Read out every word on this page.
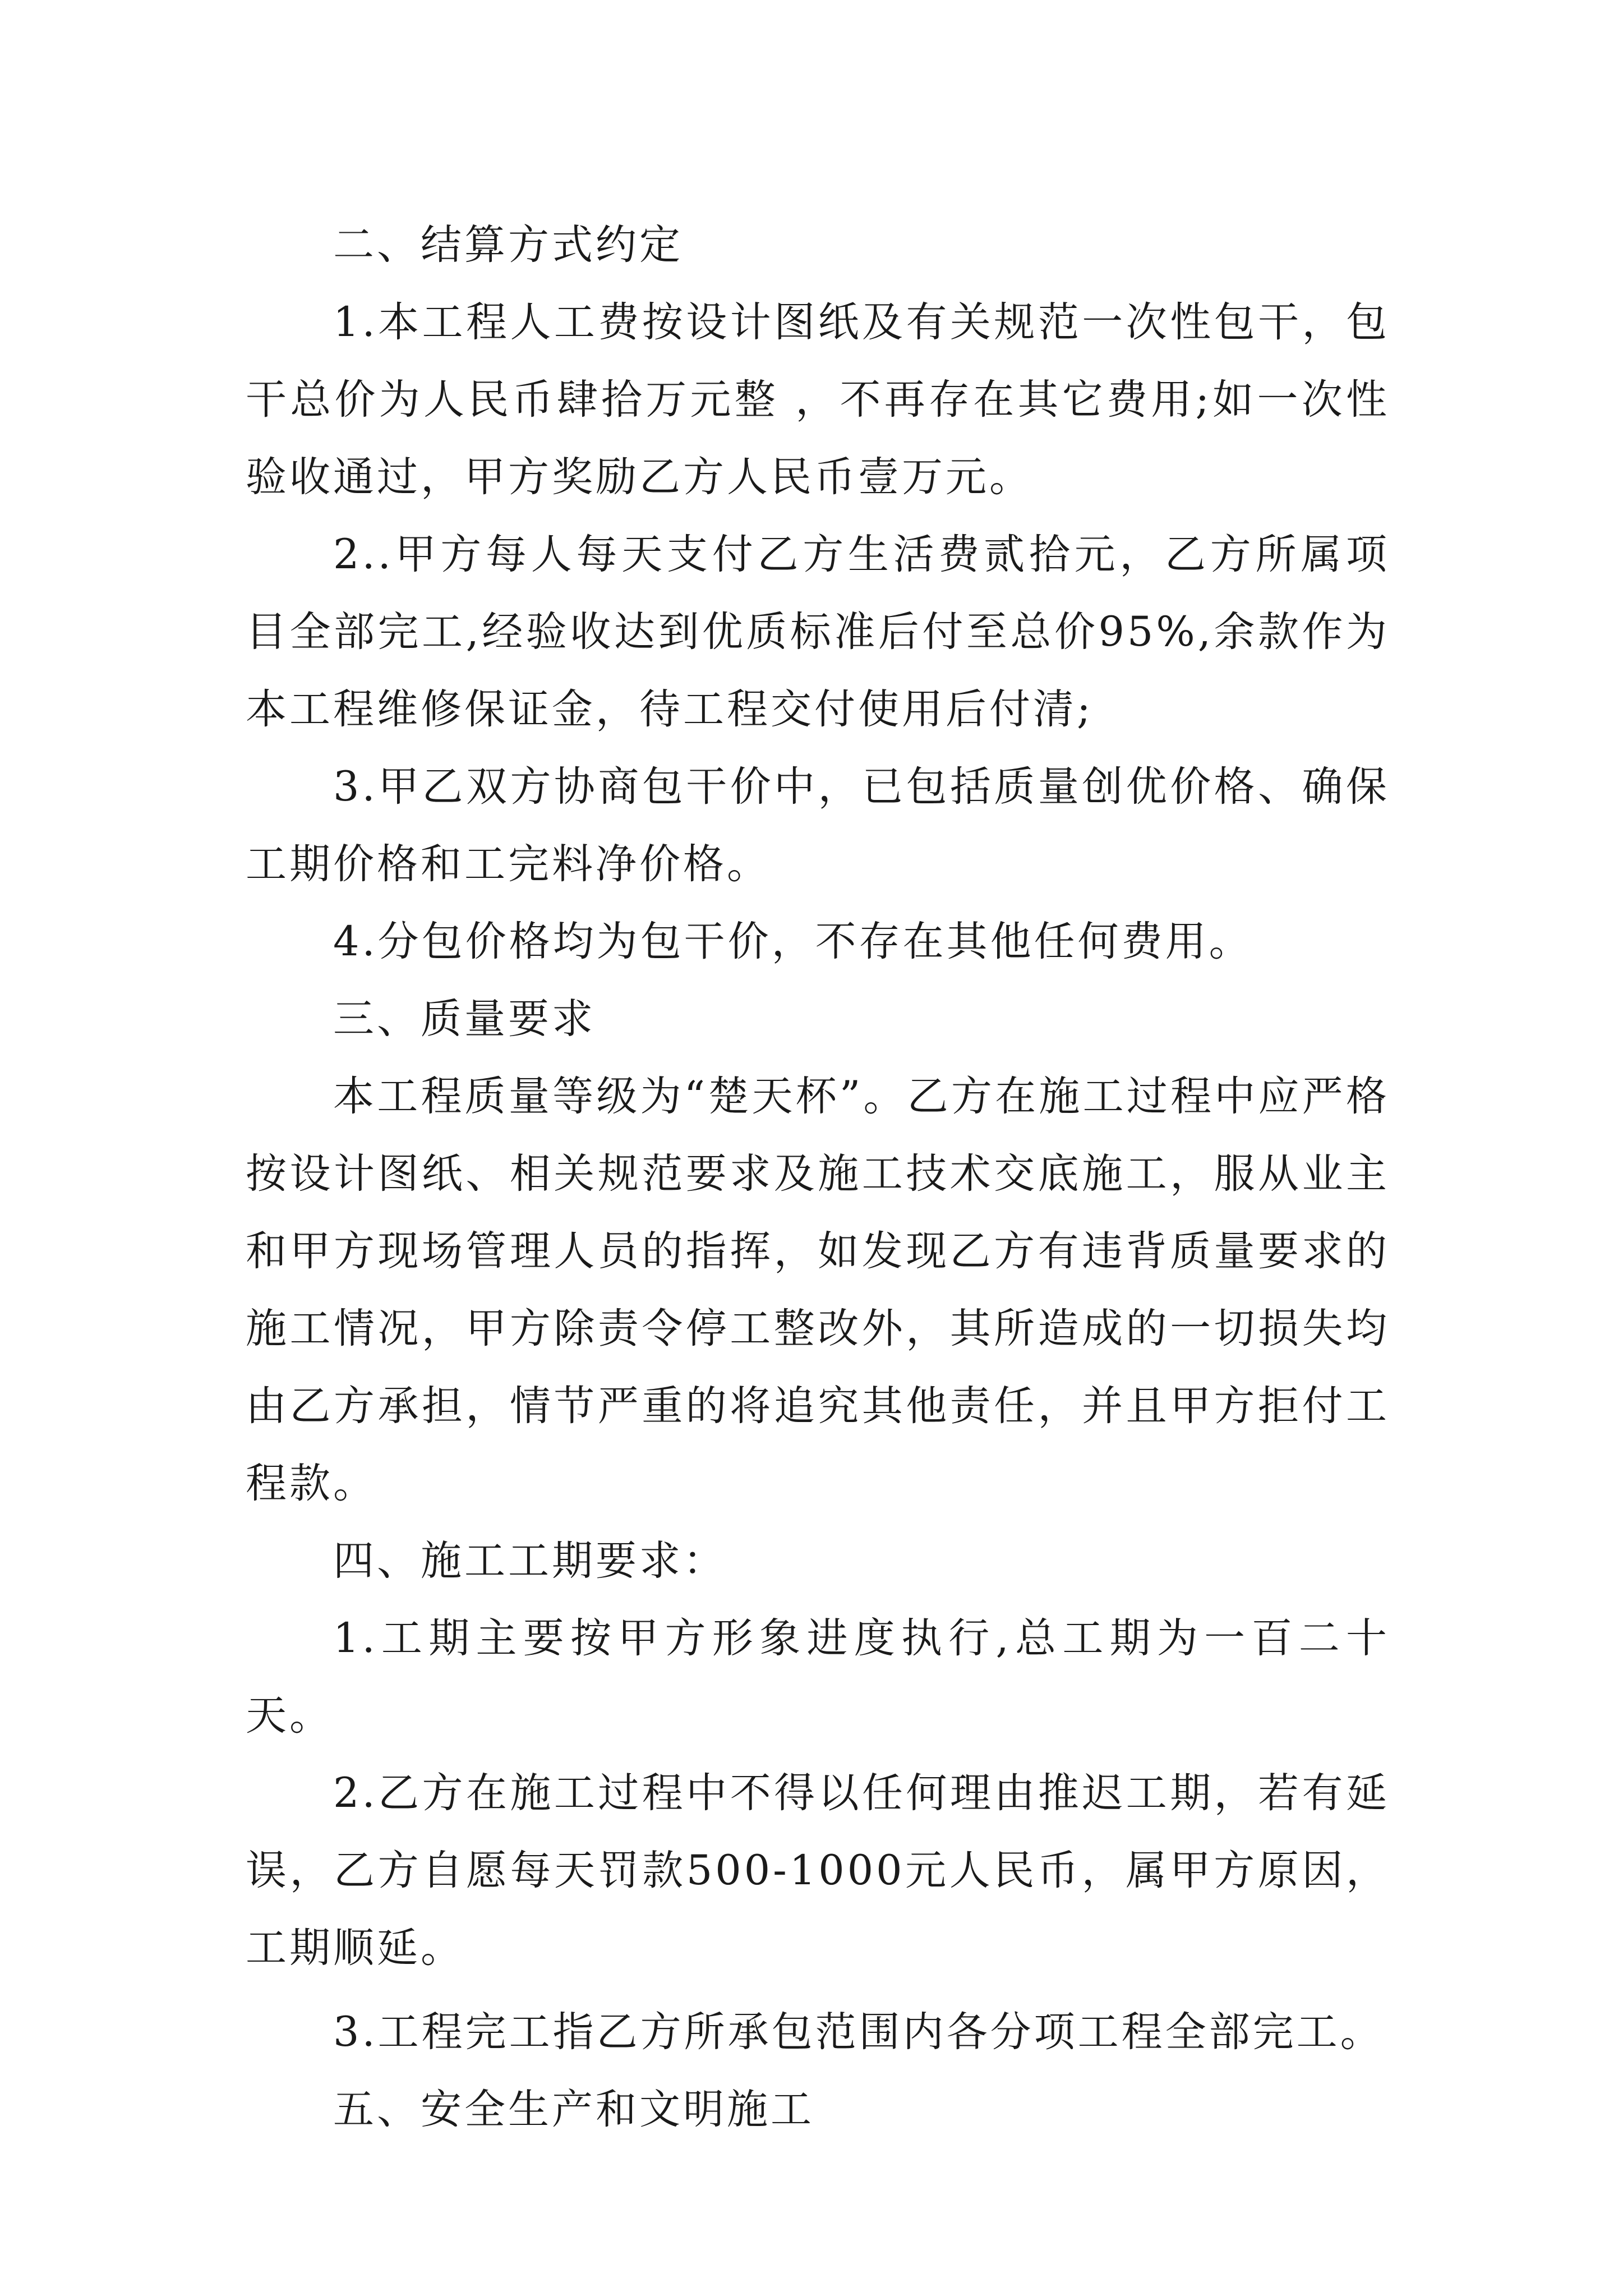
二、结算方式约定

1.本工程人工费按设计图纸及有关规范一次性包干，包干总价为人民币肆拾万元整 ，不再存在其它费用;如一次性验收通过，甲方奖励乙方人民币壹万元。

2..甲方每人每天支付乙方生活费贰拾元，乙方所属项目全部完工,经验收达到优质标准后付至总价95%,余款作为本工程维修保证金，待工程交付使用后付清;

3.甲乙双方协商包干价中，已包括质量创优价格、确保工期价格和工完料净价格。

4.分包价格均为包干价，不存在其他任何费用。

三、质量要求

本工程质量等级为“楚天杯”。乙方在施工过程中应严格按设计图纸、相关规范要求及施工技术交底施工，服从业主和甲方现场管理人员的指挥，如发现乙方有违背质量要求的施工情况，甲方除责令停工整改外，其所造成的一切损失均由乙方承担，情节严重的将追究其他责任，并且甲方拒付工程款。

四、施工工期要求：

1.工期主要按甲方形象进度执行,总工期为一百二十天。

2.乙方在施工过程中不得以任何理由推迟工期，若有延误，乙方自愿每天罚款500-1000元人民币，属甲方原因，工期顺延。

3.工程完工指乙方所承包范围内各分项工程全部完工。

五、安全生产和文明施工
